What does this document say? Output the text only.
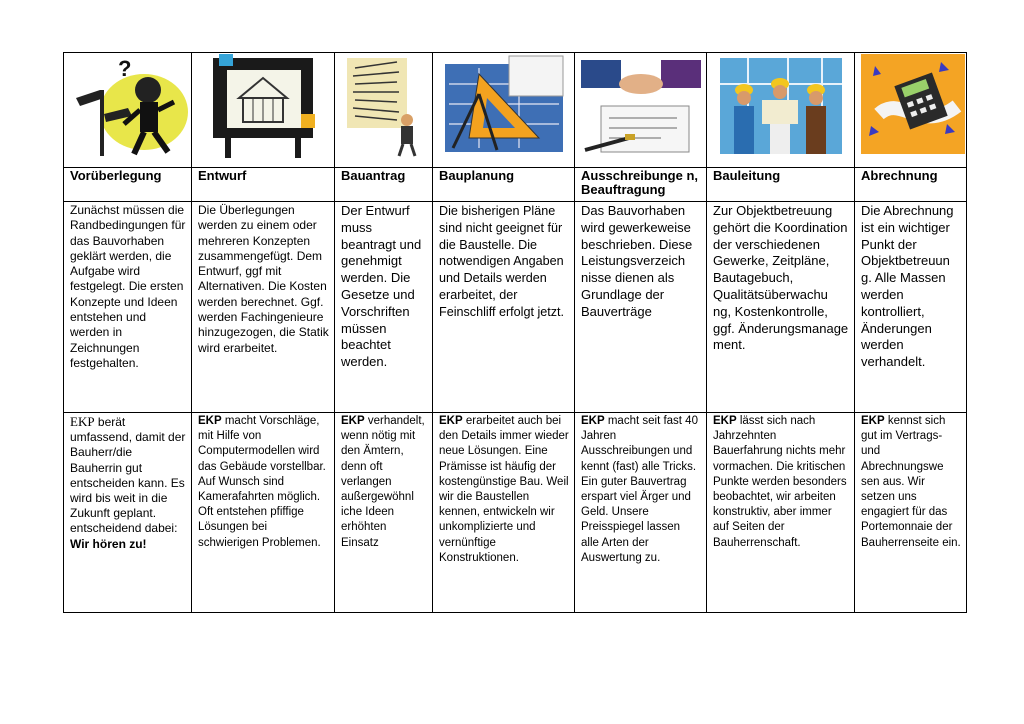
?

Vorüberlegung	Entwurf	Bauantrag	Bauplanung	Ausschreibunge n, Beauftragung	Bauleitung	Abrechnung
Zunächst müssen die Randbedingungen für das Bauvorhaben geklärt werden, die Aufgabe wird festgelegt. Die ersten Konzepte und Ideen entstehen und werden in Zeichnungen festgehalten.	Die Überlegungen werden zu einem oder mehreren Konzepten zusammengefügt. Dem Entwurf, ggf mit Alternativen. Die Kosten werden berechnet. Ggf. werden Fachingenieure hinzugezogen, die Statik wird erarbeitet.	Der Entwurf muss beantragt und genehmigt werden. Die Gesetze und Vorschriften müssen beachtet werden.	Die bisherigen Pläne sind nicht geeignet für die Baustelle. Die notwendigen Angaben und Details werden erarbeitet, der Feinschliff erfolgt jetzt.	Das Bauvorhaben wird gewerkeweise beschrieben. Diese Leistungsverzeich nisse dienen als Grundlage der Bauverträge	Zur Objektbetreuung gehört die Koordination der verschiedenen Gewerke, Zeitpläne, Bautagebuch, Qualitätsüberwachu ng, Kostenkontrolle, ggf. Änderungsmanage ment.	Die Abrechnung ist ein wichtiger Punkt der Objektbetreuun g. Alle Massen werden kontrolliert, Änderungen werden verhandelt.
EKP berät umfassend, damit der Bauherr/die Bauherrin gut entscheiden kann. Es wird bis weit in die Zukunft geplant. entscheidend dabei:
Wir hören zu!	EKP macht Vorschläge, mit Hilfe von Computermodellen wird das Gebäude vorstellbar. Auf Wunsch sind Kamerafahrten möglich. Oft entstehen pfiffige Lösungen bei schwierigen Problemen.	EKP verhandelt, wenn nötig mit den Ämtern, denn oft verlangen außergewöhnl iche Ideen erhöhten Einsatz	EKP erarbeitet auch bei den Details immer wieder neue Lösungen. Eine Prämisse ist häufig der kostengünstige Bau. Weil wir die Baustellen kennen, entwickeln wir unkomplizierte und vernünftige Konstruktionen.	EKP macht seit fast 40 Jahren Ausschreibungen und kennt (fast) alle Tricks. Ein guter Bauvertrag erspart viel Ärger und Geld. Unsere Preisspiegel lassen alle Arten der Auswertung zu.	EKP lässt sich nach Jahrzehnten Bauerfahrung nichts mehr vormachen. Die kritischen Punkte werden besonders beobachtet, wir arbeiten konstruktiv, aber immer auf Seiten der Bauherrenschaft.	EKP kennst sich gut im Vertrags- und Abrechnungswe sen aus. Wir setzen uns engagiert für das Portemonnaie der Bauherrenseite ein.
